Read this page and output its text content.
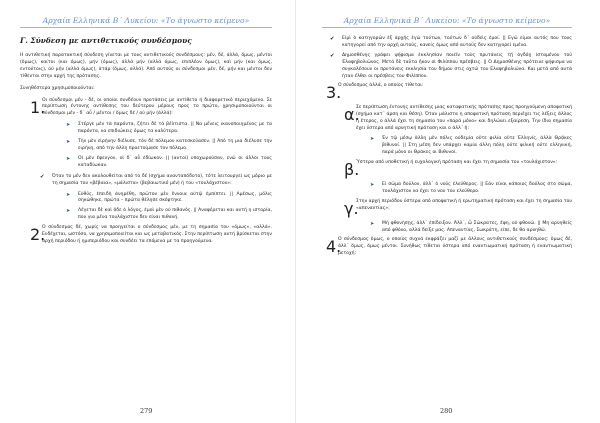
Αρχαία Ελληνικά Β΄ Λυκείου: «Το άγνωστο κείμενο»
Γ. Σύνδεση με αντιθετικούς συνδέσμους

Η αντιθετική παρατακτική σύνδεση γίνεται με τους αντιθετικούς συνδέσμους: μέν, δέ, ἀλλά, ὅμως, μέντοι (ὅμως), καίτοι (και όμως), μήν (όμως), ἀλλὰ μήν (αλλά όμως, επιπλέον όμως), καὶ μήν (και όμως, εντούτοις), οὐ μήν (αλλά όμως), ἀτάρ (όμως, αλλά). Από αυτούς οι σύνδεσμοι μέν, δέ, μήν και μέντοι δεν τίθενται στην αρχή της πρότασης.

Συνηθέστερα χρησιμοποιούνται:

1.

Οι σύνδεσμοι μέν - δέ, οι οποίοι συνδέουν προτάσεις με αντίθετο ή διαφορετικό περιεχόμενο. Σε περίπτωση έντονης αντίθεσης του δεύτερου μέρους προς το πρώτο, χρησιμοποιούνται οι σύνδεσμοι μέν - δ΄ αὖ / μέντοι / ὅμως δέ / οὐ μήν (ἀλλά):

➤	Στέργε μὲν τὰ παρόντα, ζήτει δὲ τὰ βέλτιστα. || Να μένεις ικανοποιημένος με τα παρόντα, να επιδιώκεις όμως τα καλύτερα.

➤	Τὴν μὲν εἰρήνην διέλυσε, τὸν δὲ πόλεμον κατεσκεύασεν. || Από τη μια διέλυσε την ειρήνη, από την άλλη προετοίμασε τον πόλεμο.

➤	Οἱ μὲν ἔφευγον, οἱ δ΄ αὖ ἐδίωκον. || (αυτοί) υποχωρούσαν, ενώ οι άλλοι τους καταδίωκαν.

✔	Όταν το μέν δεν ακολουθείται από το δέ (σχήμα ανανταπόδοτο), τότε λειτουργεί ως μόριο με τη σημασία του «βέβαια», «μάλιστα» (βεβαιωτικό μέν) ή του «τουλάχιστον»:

➤	Εὐθύς, ἐπειδὴ ἀνηρέθη, πρῶτον μὲν ἔννοια αὐτῷ ἐμπίπτει. || Αμέσως, μόλις σηκώθηκε, πρώτα – πρώτα θέλησε σκέφτηκε.

➤	Λέγεται δὲ καὶ ὅδε ὁ λόγος, ἐμοὶ μὲν οὐ πιθανός. || Αναφέρεται και αυτή η ιστορία, που για μένα τουλάχιστον δεν είναι πιθανή.

2.

Ο σύνδεσμος δέ, χωρίς να προηγείται ο σύνδεσμος μέν, με τη σημασία του «όμως», «αλλά». Ενδέχεται, ωστόσο, να χρησιμοποιείται και ως μεταβατικός. Στην περίπτωση αυτή βρίσκεται στην αρχή περιόδου ή ημιπεριόδου και συνδέει τα επόμενα με τα προηγούμενα.

279
Αρχαία Ελληνικά Β΄ Λυκείου: «Το άγνωστο κείμενο»
✔	Εἰμὶ ὁ κατηγορῶν ἐξ ἀρχῆς ἐγὼ τούτων, τούτων δ΄ οὐδεὶς ἐμοί. || Εγώ είμαι αυτός που τους κατηγορεί από την αρχή αυτούς, κανείς όμως από αυτούς δεν κατηγορεί εμένα.

✔	Δημοσθένης γράφει ψήφισμα ἐκκλησίαν ποιεῖν τοὺς πρυτάνεις τῇ ὀγδόῃ ἱσταμένου τοῦ Ἐλαφηβολιῶνος. Μετὰ δὲ ταῦτα ἧκον οἱ Φιλίππου πρέσβεις. || Ο Δημοσθένης πρότεινε ψήφισμα να συγκαλέσουν οι πρυτάνεις εκκλησία του δήμου στις οχτώ του Ελαφηβολιώνα. Και μετά από αυτά ήταν έλθει οι πρέσβεις του Φιλίππου.

3.

Ο σύνδεσμος ἀλλά, ο οποίος τίθεται:

α.

Σε περίπτωση έντονης αντίθεσης μιας καταφατικής πρότασης προς προηγούμενη αποφατική (σχήμα κατ΄ άρση και θέση). Όταν μάλιστα η αποφατική πρόταση περιέχει τις λέξεις ἄλλος ή ἕτερος, ο ἀλλά έχει τη σημασία του «παρά μόνο» και δηλώνει εξαίρεση. Την ίδια σημασία έχει ύστερα από αρνητική πρόταση και ο ἀλλ΄ ἤ:

➤	Ἐν τῷ μέσῳ ἄλλη μὲν πόλις οὐδεμία οὔτε φιλία οὔτε Ἑλληνίς, ἀλλὰ Θρᾷκες βίθυνοί. || Στη μέση δεν υπάρχει καμία άλλη πόλη ούτε φιλική ούτε ελληνική, παρά μόνο οι Θράκες οι Βιθυνοί.

β.

Ύστερα από υποθετική ή ευχολογική πρόταση και έχει τη σημασία του «τουλάχιστον»:

➤	Εἰ σῶμα δοῦλον, ἀλλ΄ ὁ νοῦς ἐλεύθερος. || Εάν είναι κάποιος δούλος στο σώμα, τουλάχιστον να έχει το νου του ελεύθερο.

γ.

Στην αρχή περιόδου ύστερα από αποφατική ή ερωτηματική πρόταση και έχει τη σημασία του «απεναντίας»:

➤	Μὴ φθονήσῃς, ἀλλ΄ ἐπίδειξον. Ἀλλ΄, ὦ Σώκρατες, ἔφη, οὐ φθονῶ. || Μη αρνηθείς από φθόνο, αλλά δείξε μας. Απεναντίας, Σωκράτη, είπε, δε θα αρνηθώ.

4.

Ο σύνδεσμος ὅμως, ο οποίος συχνά εκφράζει μαζί με άλλους αντιθετικούς συνδέσμους: ὅμως δέ, ἀλλ΄ ὅμως, ὅμως μέντοι. Συνήθως τίθεται ύστερα από εναντιωματική πρόταση ή εναντιωματική μετοχή:

280
